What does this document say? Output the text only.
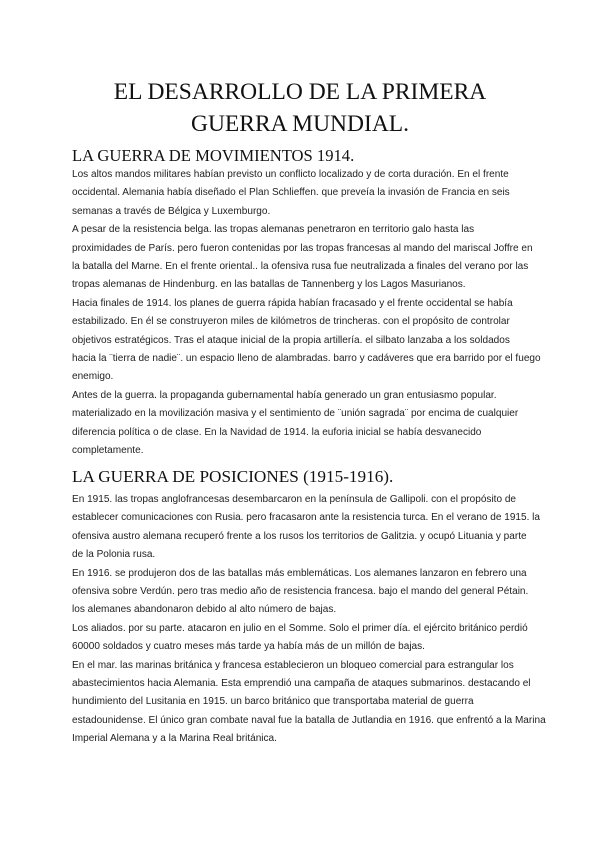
EL DESARROLLO DE LA PRIMERA
GUERRA MUNDIAL.
LA GUERRA DE MOVIMIENTOS 1914.
Los altos mandos militares habían previsto un conflicto localizado y de corta duración. En el frente
occidental. Alemania había diseñado el Plan Schlieffen. que preveía la invasión de Francia en seis
semanas a través de Bélgica y Luxemburgo.
A pesar de la resistencia belga. las tropas alemanas penetraron en territorio galo hasta las
proximidades de París. pero fueron contenidas por las tropas francesas al mando del mariscal Joffre en
la batalla del Marne. En el frente oriental.. la ofensiva rusa fue neutralizada a finales del verano por las
tropas alemanas de Hindenburg. en las batallas de Tannenberg y los Lagos Masurianos.
Hacia finales de 1914. los planes de guerra rápida habían fracasado y el frente occidental se había
estabilizado. En él se construyeron miles de kilómetros de trincheras. con el propósito de controlar
objetivos estratégicos. Tras el ataque inicial de la propia artillería. el silbato lanzaba a los soldados
hacia la ¨tierra de nadie¨. un espacio lleno de alambradas. barro y cadáveres que era barrido por el fuego
enemigo.
Antes de la guerra. la propaganda gubernamental había generado un gran entusiasmo popular.
materializado en la movilización masiva y el sentimiento de ¨unión sagrada¨ por encima de cualquier
diferencia política o de clase. En la Navidad de 1914. la euforia inicial se había desvanecido
completamente.
LA GUERRA DE POSICIONES (1915-1916).
En 1915. las tropas anglofrancesas desembarcaron en la península de Gallipoli. con el propósito de
establecer comunicaciones con Rusia. pero fracasaron ante la resistencia turca. En el verano de 1915. la
ofensiva austro alemana recuperó frente a los rusos los territorios de Galitzia. y ocupó Lituania y parte
de la Polonia rusa.
En 1916. se produjeron dos de las batallas más emblemáticas. Los alemanes lanzaron en febrero una
ofensiva sobre Verdún. pero tras medio año de resistencia francesa. bajo el mando del general Pétain.
los alemanes abandonaron debido al alto número de bajas.
Los aliados. por su parte. atacaron en julio en el Somme. Solo el primer día. el ejército británico perdió
60000 soldados y cuatro meses más tarde ya había más de un millón de bajas.
En el mar. las marinas británica y francesa establecieron un bloqueo comercial para estrangular los
abastecimientos hacia Alemania. Esta emprendió una campaña de ataques submarinos. destacando el
hundimiento del Lusitania en 1915. un barco británico que transportaba material de guerra
estadounidense. El único gran combate naval fue la batalla de Jutlandia en 1916. que enfrentó a la Marina
Imperial Alemana y a la Marina Real británica.
